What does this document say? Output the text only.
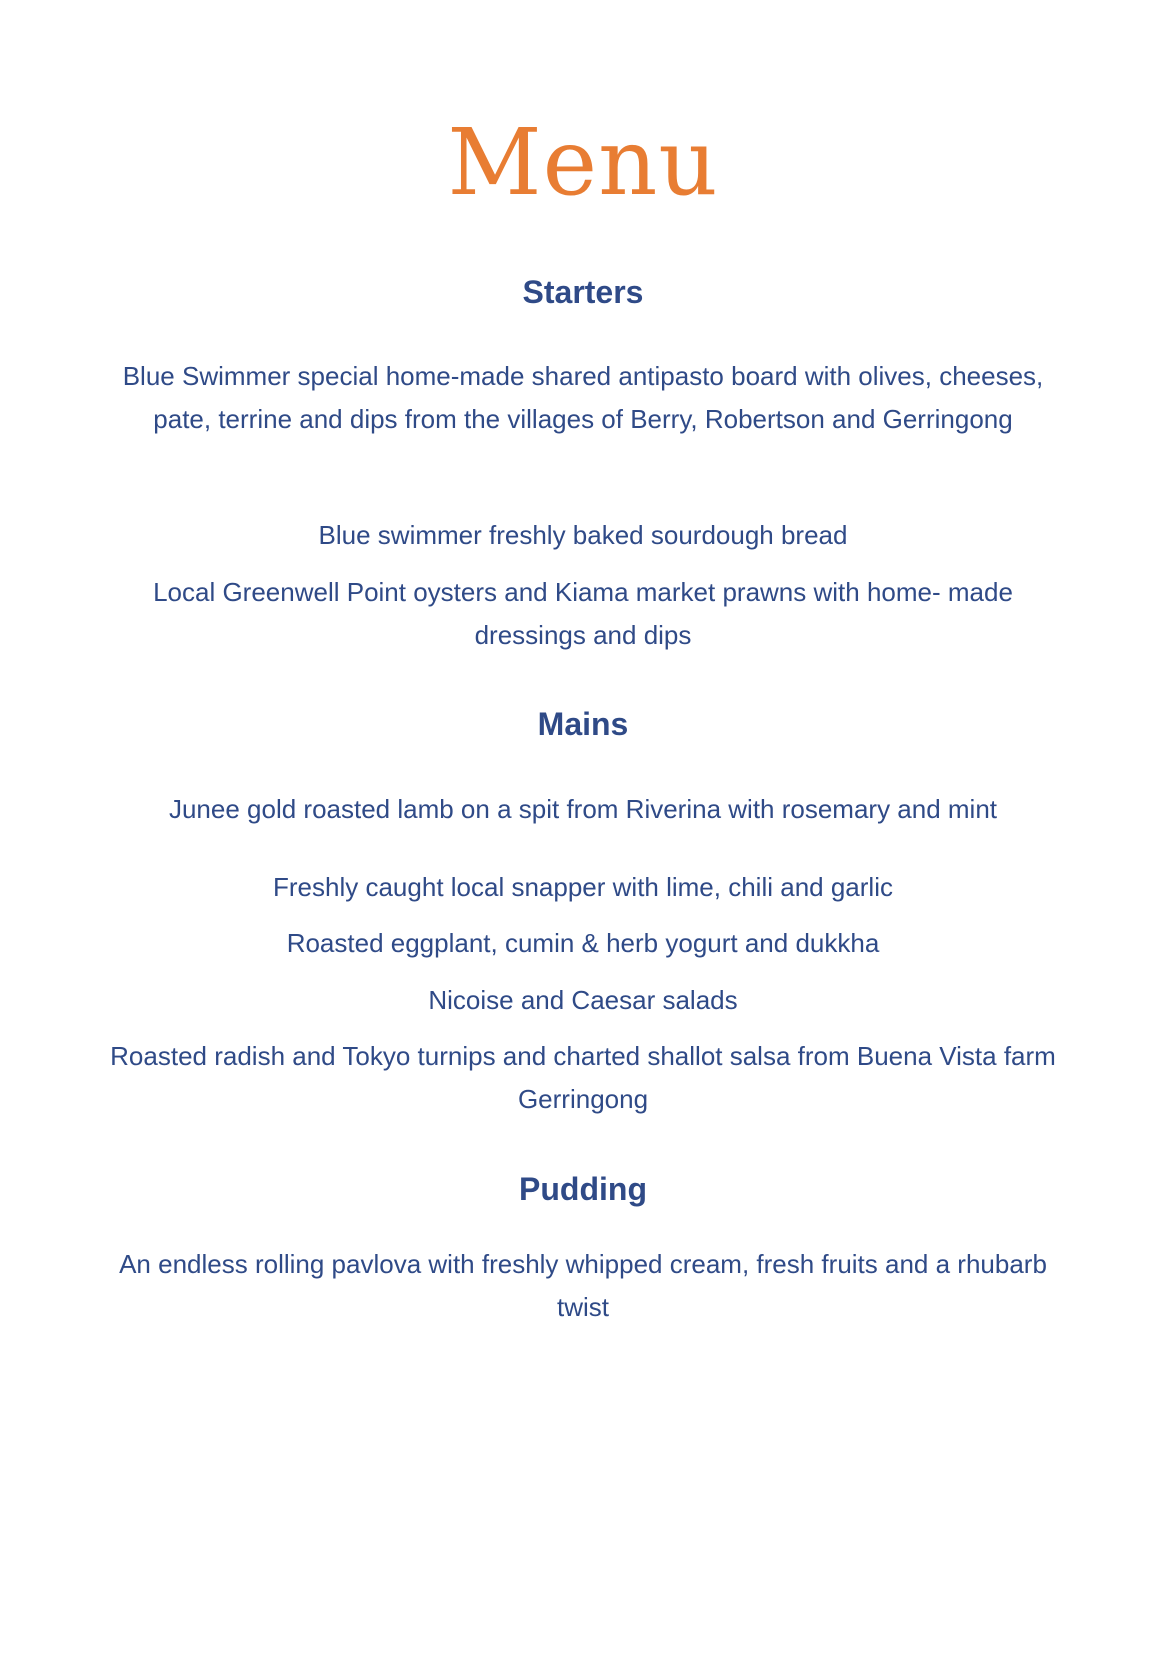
Menu
Starters
Blue Swimmer special home-made shared antipasto board with olives, cheeses, pate, terrine and dips from the villages of Berry, Robertson and Gerringong
Blue swimmer freshly baked sourdough bread
Local Greenwell Point oysters and Kiama market prawns with home- made dressings and dips
Mains
Junee gold roasted lamb on a spit from Riverina with rosemary and mint
Freshly caught local snapper with lime, chili and garlic
Roasted eggplant, cumin & herb yogurt and dukkha
Nicoise and Caesar salads
Roasted radish and Tokyo turnips and charted shallot salsa from Buena Vista farm Gerringong
Pudding
An endless rolling pavlova with freshly whipped cream, fresh fruits and a rhubarb twist
